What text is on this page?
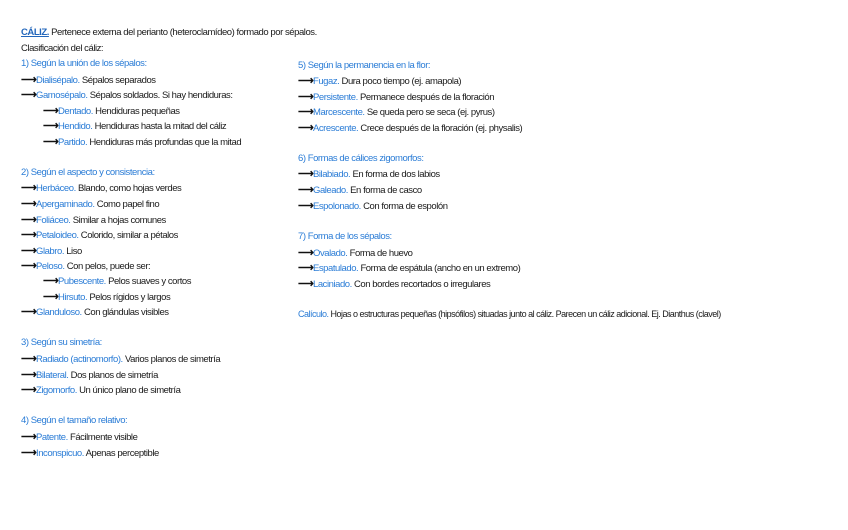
CÁLIZ. Pertenece externa del perianto (heteroclamídeo) formado por sépalos.
Clasificación del cáliz:
1) Según la unión de los sépalos:
⟶Dialisépalo. Sépalos separados
⟶Gamosépalo. Sépalos soldados. Si hay hendiduras:
⟶Dentado. Hendiduras pequeñas
⟶Hendido. Hendiduras hasta la mitad del cáliz
⟶Partido. Hendiduras más profundas que la mitad
2) Según el aspecto y consistencia:
⟶Herbáceo. Blando, como hojas verdes
⟶Apergaminado. Como papel fino
⟶Foliáceo. Similar a hojas comunes
⟶Petaloideo. Colorido, similar a pétalos
⟶Glabro. Liso
⟶Peloso. Con pelos, puede ser:
⟶Pubescente. Pelos suaves y cortos
⟶Hirsuto. Pelos rígidos y largos
⟶Glanduloso. Con glándulas visibles
3) Según su simetría:
⟶Radiado (actinomorfo). Varios planos de simetría
⟶Bilateral. Dos planos de simetría
⟶Zigomorfo. Un único plano de simetría
4) Según el tamaño relativo:
⟶Patente. Fácilmente visible
⟶Inconspicuo. Apenas perceptible
5) Según la permanencia en la flor:
⟶Fugaz. Dura poco tiempo (ej. amapola)
⟶Persistente. Permanece después de la floración
⟶Marcescente. Se queda pero se seca (ej. pyrus)
⟶Acrescente. Crece después de la floración (ej. physalis)
6) Formas de cálices zigomorfos:
⟶Bilabiado. En forma de dos labios
⟶Galeado. En forma de casco
⟶Espolonado. Con forma de espolón
7) Forma de los sépalos:
⟶Ovalado. Forma de huevo
⟶Espatulado. Forma de espátula (ancho en un extremo)
⟶Laciniado. Con bordes recortados o irregulares
Calículo. Hojas o estructuras pequeñas (hipsófilos) situadas junto al cáliz. Parecen un cáliz adicional. Ej. Dianthus (clavel)
